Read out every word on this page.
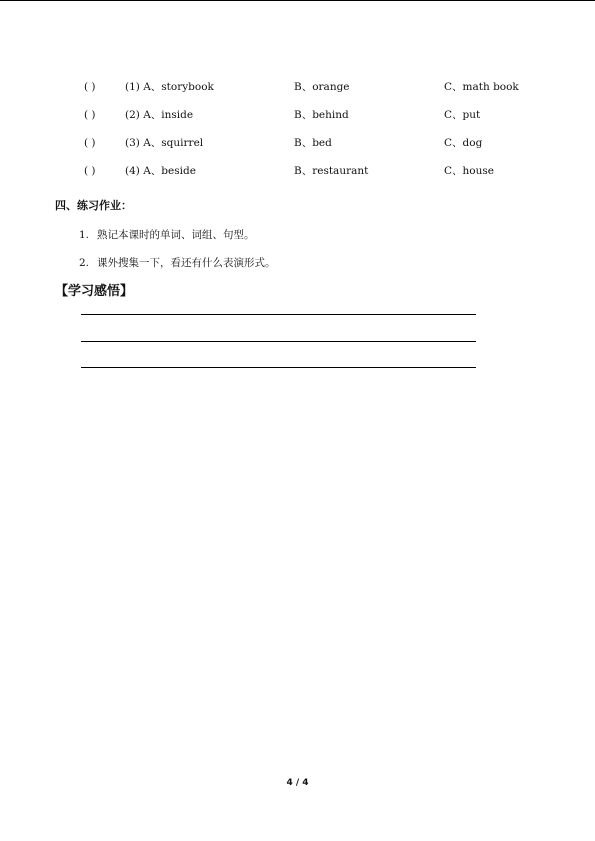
( )	(1) A、storybook	B、orange	C、math book
( )	(2) A、inside	B、behind	C、put
( )	(3) A、squirrel	B、bed	C、dog
( )	(4) A、beside	B、restaurant	C、house
四、练习作业：
1. 熟记本课时的单词、词组、句型。
2. 课外搜集一下，看还有什么表演形式。
【学习感悟】
4 / 4
